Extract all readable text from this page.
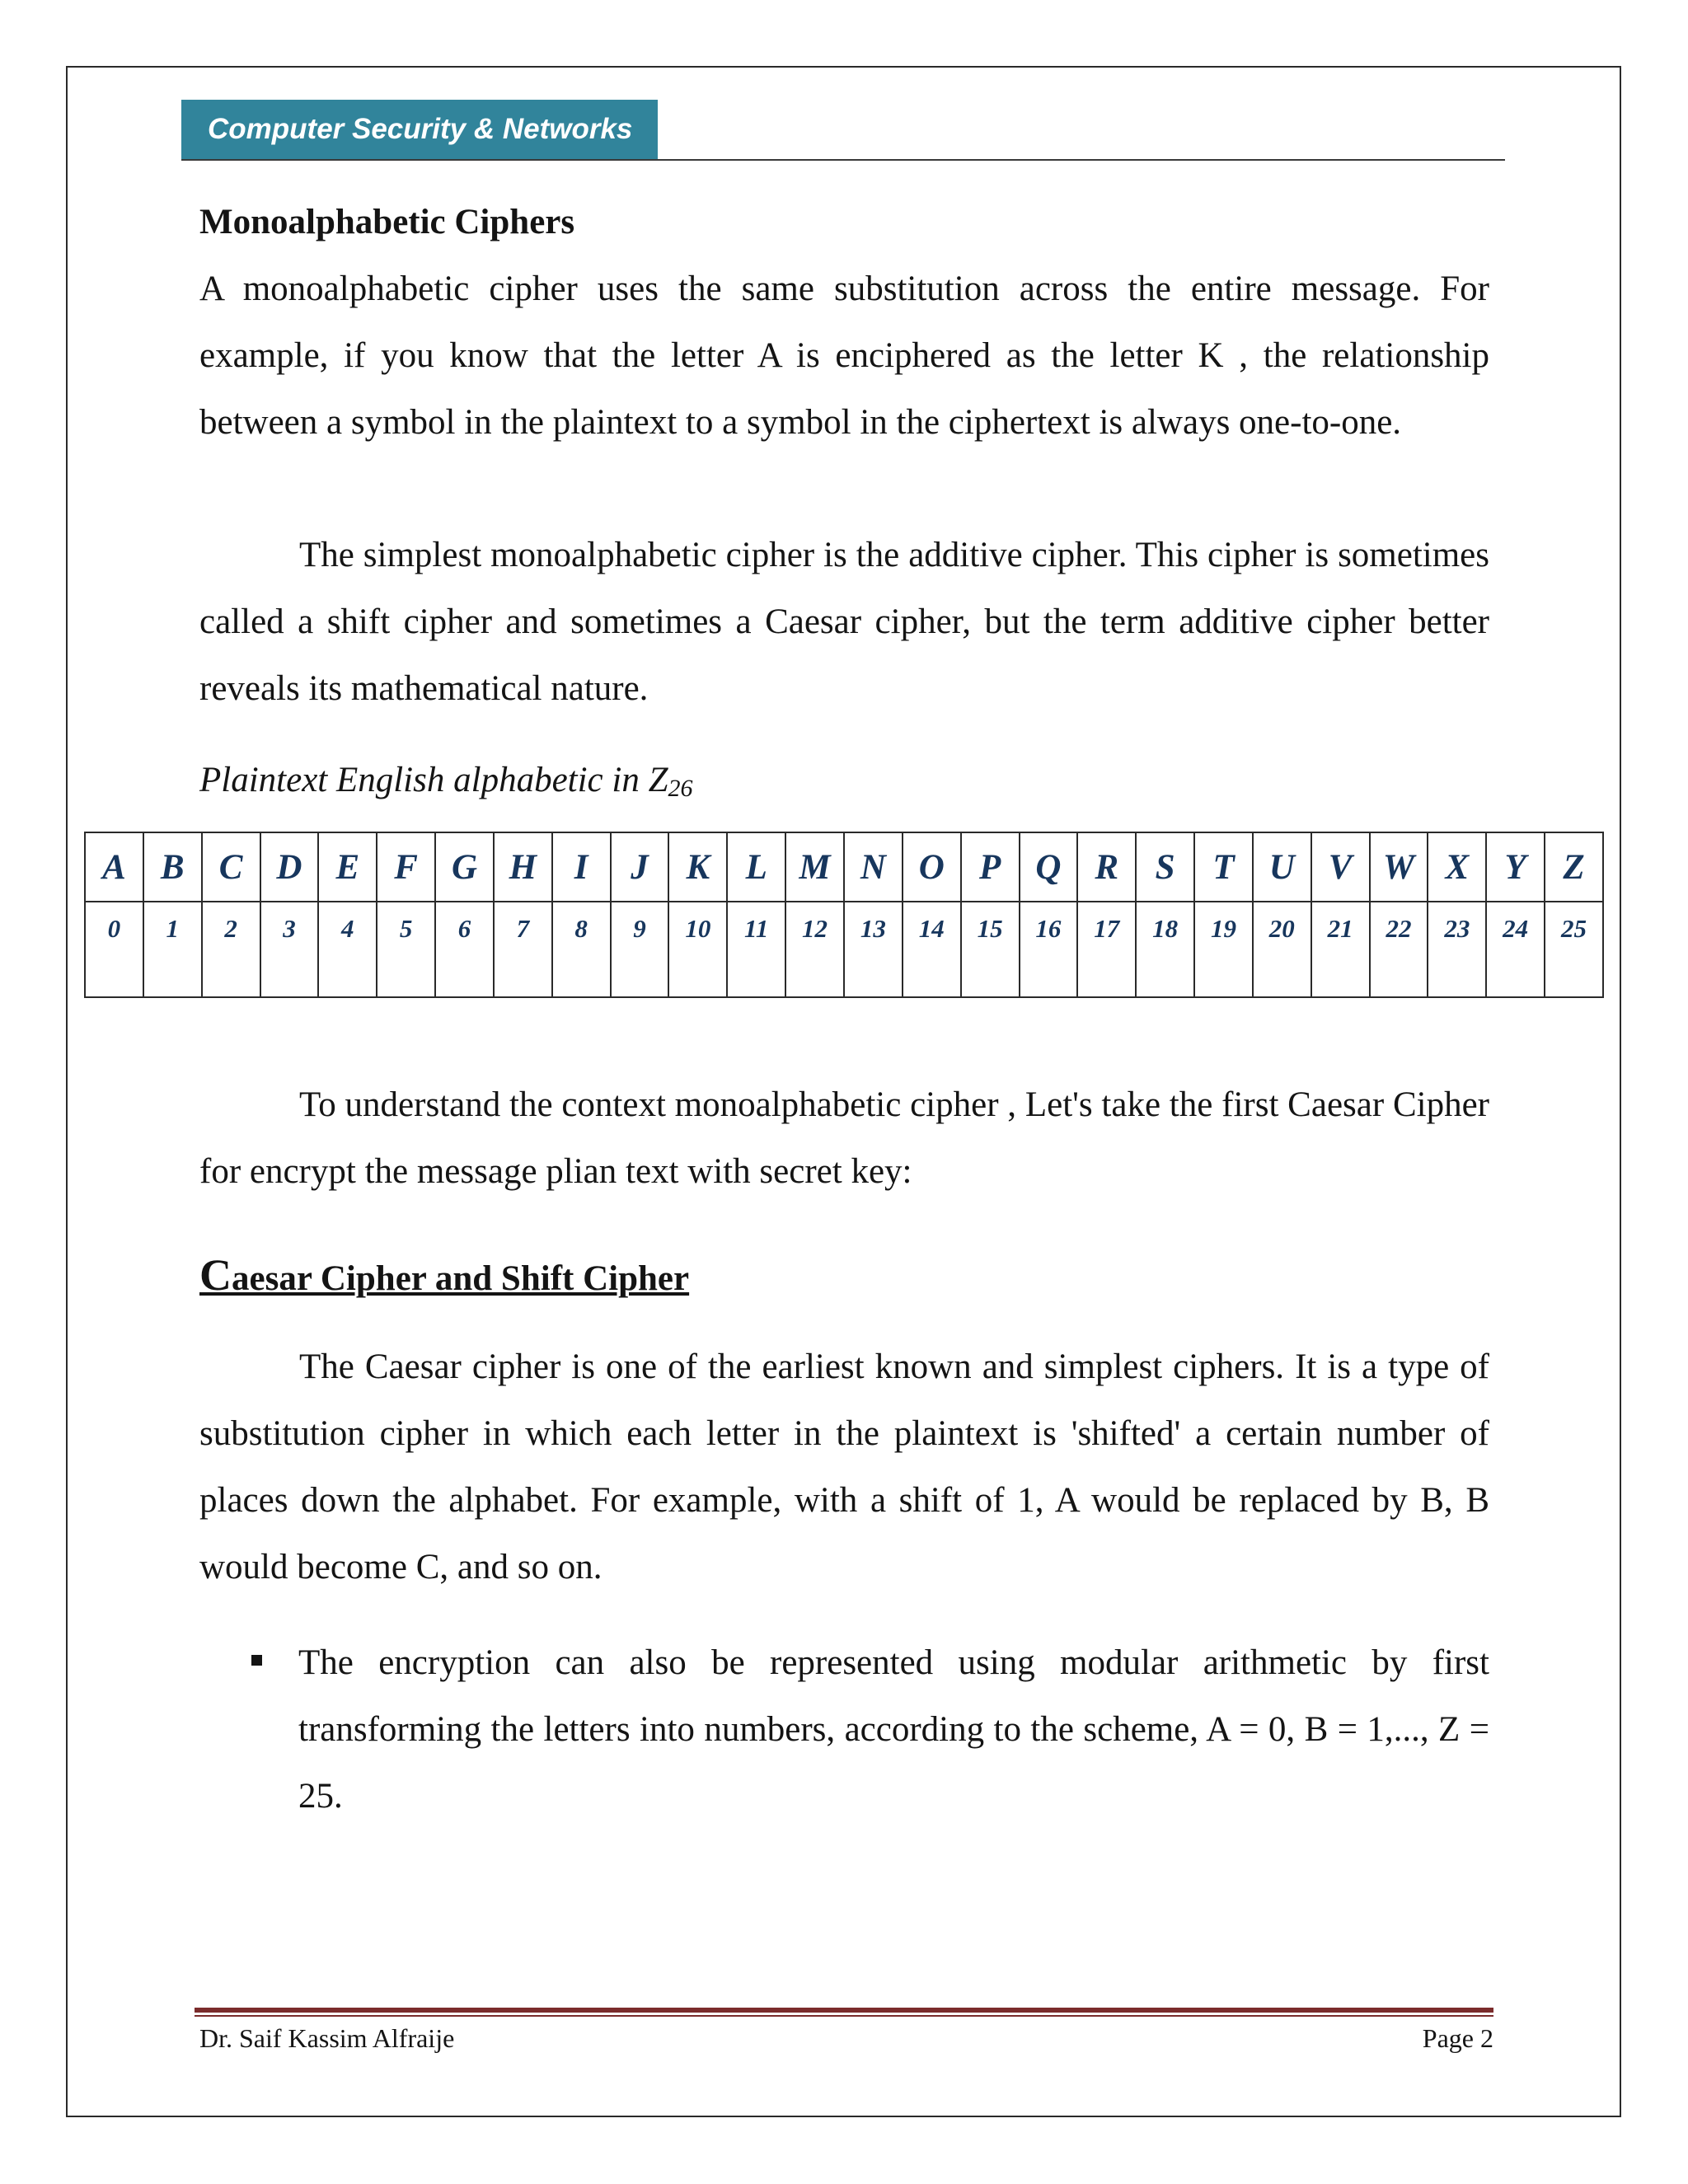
Computer Security & Networks
Monoalphabetic Ciphers

A monoalphabetic cipher uses the same substitution across the entire message. For example, if you know that the letter A is enciphered as the letter K , the relationship between a symbol in the plaintext to a symbol in the ciphertext is always one-to-one.

The simplest monoalphabetic cipher is the additive cipher. This cipher is sometimes called a shift cipher and sometimes a Caesar cipher, but the term additive cipher better reveals its mathematical nature.

Plaintext English alphabetic in $Z_{26}$
A	B	C	D	E	F	G	H	I	J	K	L	M	N	O	P	Q	R	S	T	U	V	W	X	Y	Z
0	1	2	3	4	5	6	7	8	9	10	11	12	13	14	15	16	17	18	19	20	21	22	23	24	25

To understand the context monoalphabetic cipher , Let's take the first Caesar Cipher for encrypt the message plian text with secret key:

Caesar Cipher and Shift Cipher

The Caesar cipher is one of the earliest known and simplest ciphers. It is a type of substitution cipher in which each letter in the plaintext is 'shifted' a certain number of places down the alphabet. For example, with a shift of 1, A would be replaced by B, B would become C, and so on.

The encryption can also be represented using modular arithmetic by first transforming the letters into numbers, according to the scheme, A = 0, B = 1,..., Z = 25.

Dr. Saif Kassim Alfraije	Page 2
